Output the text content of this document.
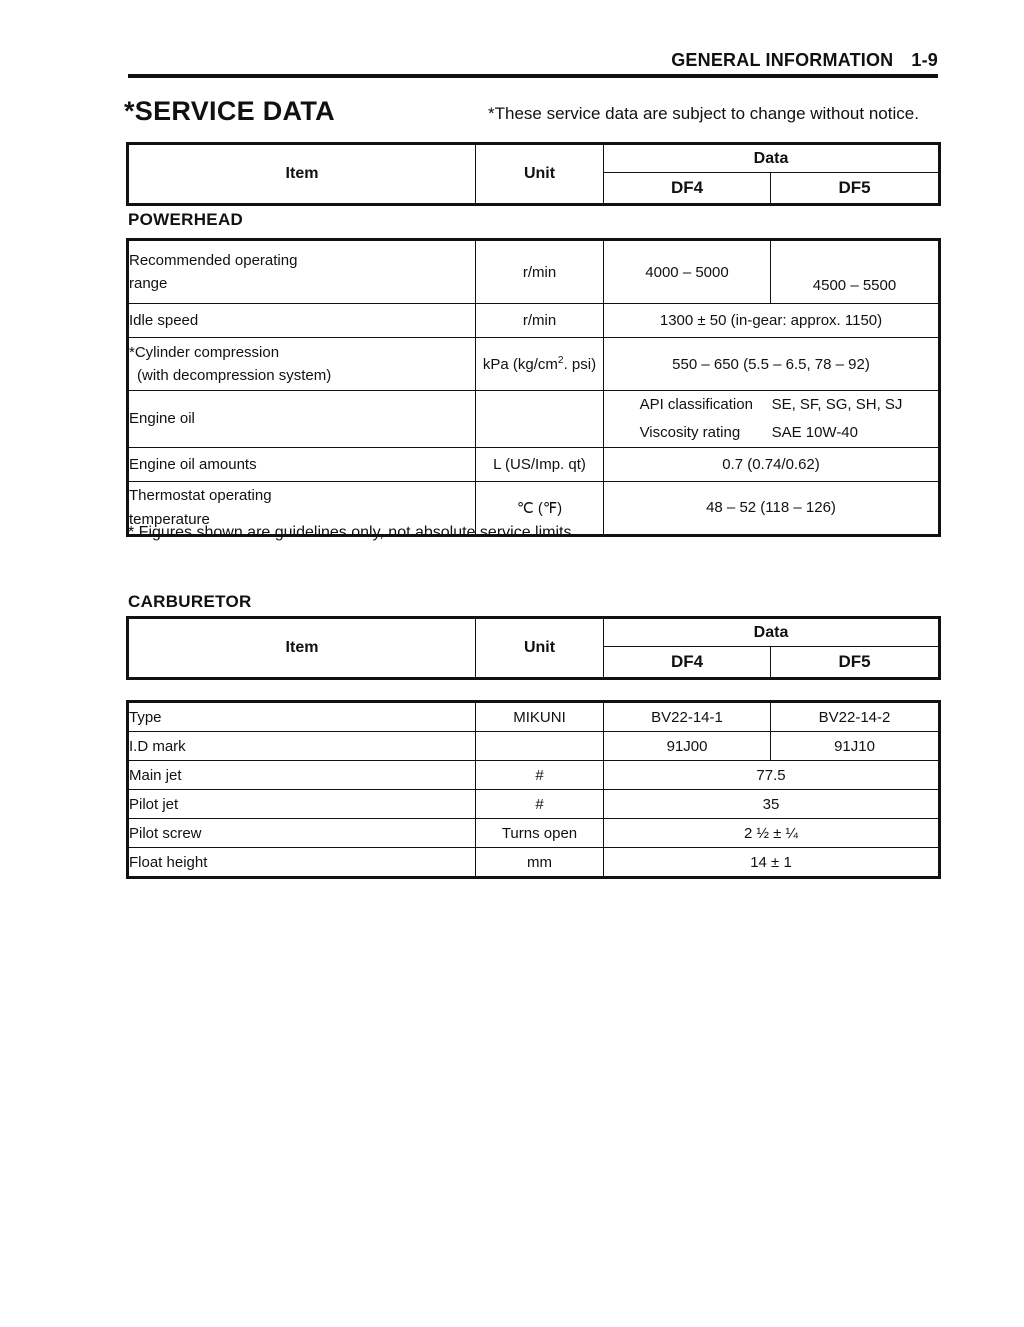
GENERAL INFORMATION 1-9
*SERVICE DATA	*These service data are subject to change without notice.
Item	Unit	Data	
		DF4	DF5
POWERHEAD
Recommended operating
range	r/min	4000 – 5000	4500 – 5500
Idle speed	r/min	1300 ± 50 (in-gear: approx. 1150)	

*Cylinder compression
(with decompression system)	kPa ($kg/cm^2$. psi)	550 – 650 (5.5 – 6.5, 78 – 92)	
Engine oil		API classification SE, SF, SG, SH, SJ
Viscosity rating SAE 10W-40	
Engine oil amounts	L (US/Imp. qt)	0.7 (0.74/0.62)	

Thermostat operating
temperature	℃ (℉)	48 – 52 (118 – 126)	
* Figures shown are guidelines only, not absolute service limits.
CARBURETOR
Item	Unit	Data	
		DF4	DF5
Type	MIKUNI	BV22-14-1	BV22-14-2
I.D mark		91J00	91J10
Main jet	#	77.5	
Pilot jet	#	35	
Pilot screw	Turns open	2 ½ ± ¼	
Float height	mm	14 ± 1	
